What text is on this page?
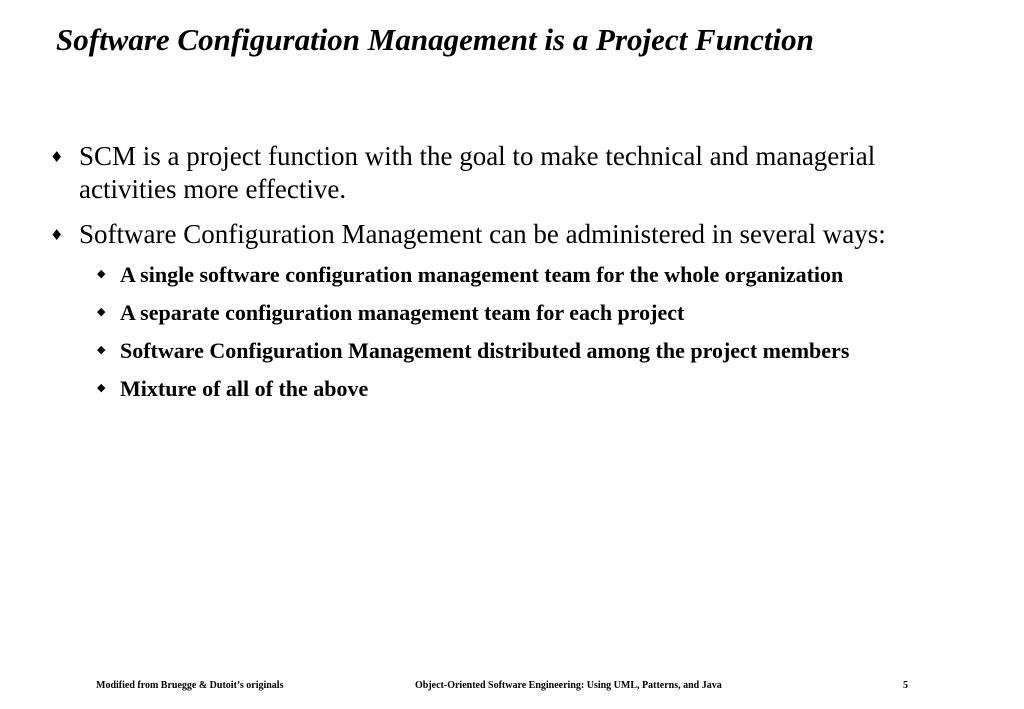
Software Configuration Management is a Project Function
♦ SCM is a project function with the goal to make technical and managerial activities more effective.
♦ Software Configuration Management can be administered in several ways:
◆ A single software configuration management team for the whole organization
◆ A separate configuration management team for each project
◆ Software Configuration Management distributed among the project members
◆ Mixture of all of the above
Modified from Bruegge & Dutoit’s originals	Object-Oriented Software Engineering: Using UML, Patterns, and Java	5
